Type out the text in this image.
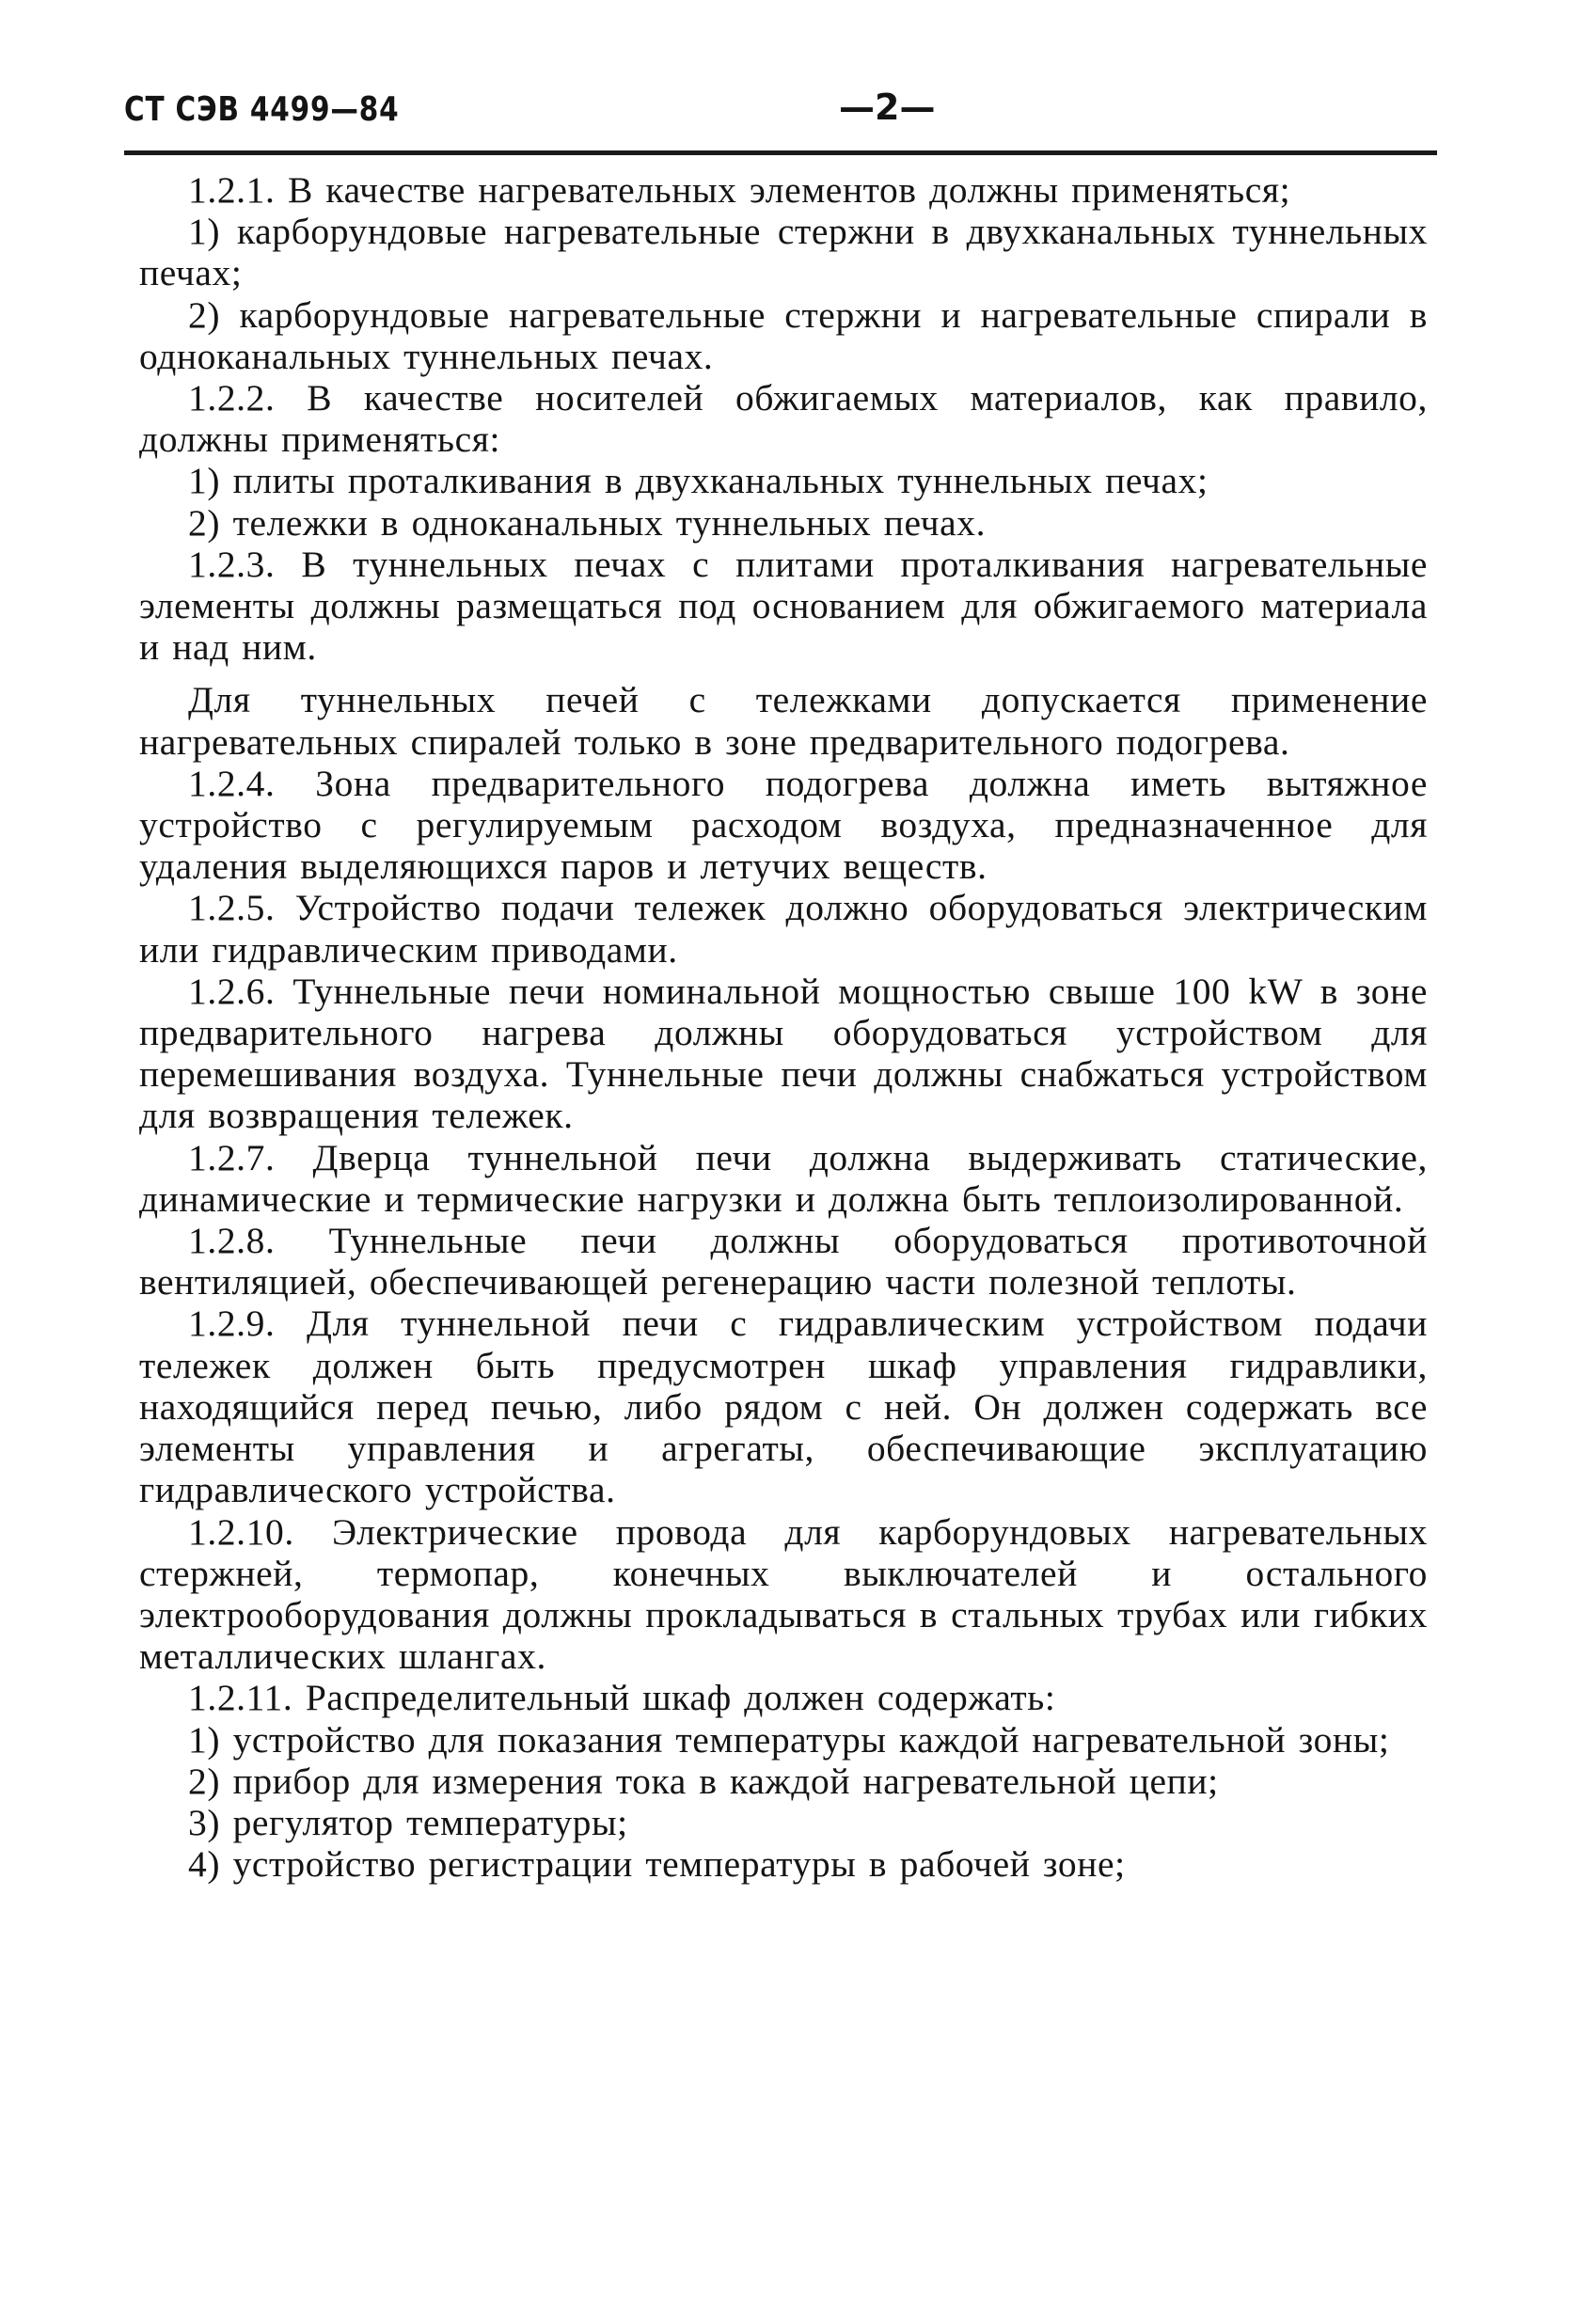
СТ СЭВ 4499—84	—2—

1.2.1. В качестве нагревательных элементов должны применяться;

1) карборундовые нагревательные стержни в двухканальных туннельных печах;

2) карборундовые нагревательные стержни и нагревательные спирали в одноканальных туннельных печах.

1.2.2. В качестве носителей обжигаемых материалов, как правило, должны применяться:

1) плиты проталкивания в двухканальных туннельных печах;

2) тележки в одноканальных туннельных печах.

1.2.3. В туннельных печах с плитами проталкивания нагревательные элементы должны размещаться под основанием для обжигаемого материала и над ним.

Для туннельных печей с тележками допускается применение нагревательных спиралей только в зоне предварительного подогрева.

1.2.4. Зона предварительного подогрева должна иметь вытяжное устройство с регулируемым расходом воздуха, предназначенное для удаления выделяющихся паров и летучих веществ.

1.2.5. Устройство подачи тележек должно оборудоваться электрическим или гидравлическим приводами.

1.2.6. Туннельные печи номинальной мощностью свыше 100 kW в зоне предварительного нагрева должны оборудоваться устройством для перемешивания воздуха. Туннельные печи должны снабжаться устройством для возвращения тележек.

1.2.7. Дверца туннельной печи должна выдерживать статические, динамические и термические нагрузки и должна быть теплоизолированной.

1.2.8. Туннельные печи должны оборудоваться противоточной вентиляцией, обеспечивающей регенерацию части полезной теплоты.

1.2.9. Для туннельной печи с гидравлическим устройством подачи тележек должен быть предусмотрен шкаф управления гидравлики, находящийся перед печью, либо рядом с ней. Он должен содержать все элементы управления и агрегаты, обеспечивающие эксплуатацию гидравлического устройства.

1.2.10. Электрические провода для карборундовых нагревательных стержней, термопар, конечных выключателей и остального электрооборудования должны прокладываться в стальных трубах или гибких металлических шлангах.

1.2.11. Распределительный шкаф должен содержать:

1) устройство для показания температуры каждой нагревательной зоны;

2) прибор для измерения тока в каждой нагревательной цепи;

3) регулятор температуры;

4) устройство регистрации температуры в рабочей зоне;
